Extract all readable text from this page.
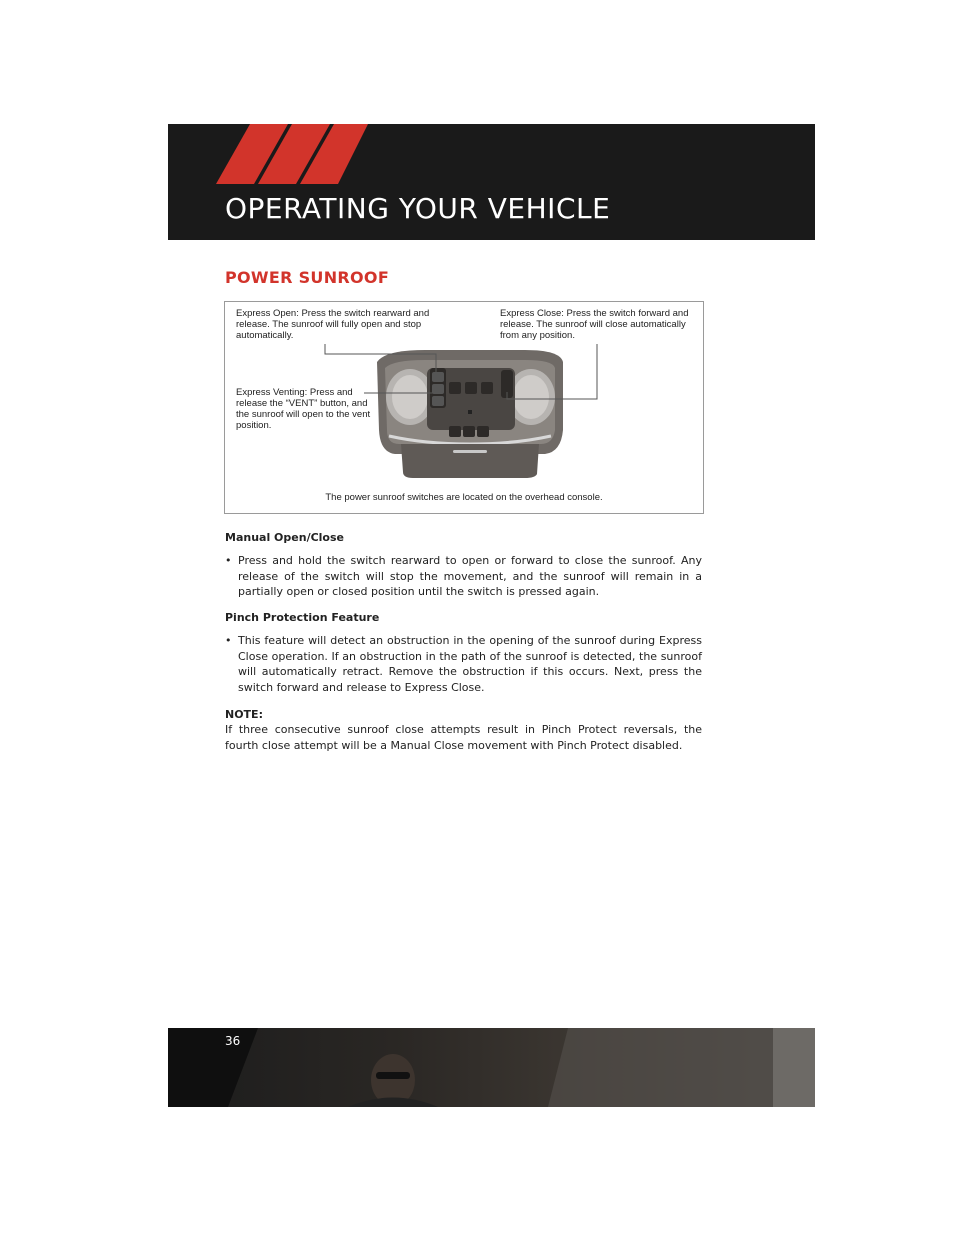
OPERATING YOUR VEHICLE
POWER SUNROOF
Express Open: Press the switch rearward and release. The sunroof will fully open and stop automatically.
Express Close: Press the switch forward and release. The sunroof will close automatically from any position.
Express Venting: Press and release the “VENT” button, and the sunroof will open to the vent position.
The power sunroof switches are located on the overhead console.
Manual Open/Close
• Press and hold the switch rearward to open or forward to close the sunroof. Any release of the switch will stop the movement, and the sunroof will remain in a partially open or closed position until the switch is pressed again.
Pinch Protection Feature
• This feature will detect an obstruction in the opening of the sunroof during Express Close operation. If an obstruction in the path of the sunroof is detected, the sunroof will automatically retract. Remove the obstruction if this occurs. Next, press the switch forward and release to Express Close.
NOTE:
If three consecutive sunroof close attempts result in Pinch Protect reversals, the fourth close attempt will be a Manual Close movement with Pinch Protect disabled.
36
